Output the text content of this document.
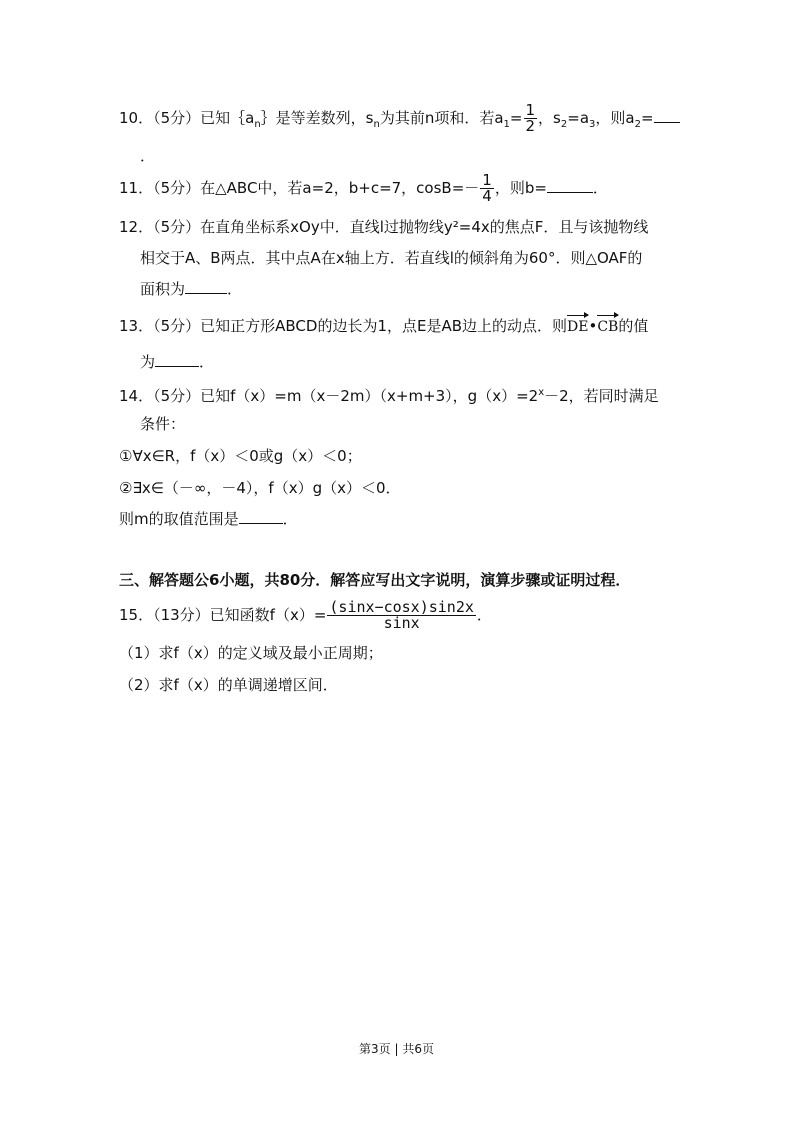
10．（5分）已知$\{a_n\}$是等差数列，$s_n$为其前n项和．若$a_1= \frac{1}{2}$ ，$s_2=a_3$，则$a_2=$
．
11．（5分）在△ABC中，若a=2，b+c=7，$\cos B=- \frac{1}{4}$ ，则b=	．
12．（5分）在直角坐标系xOy中．直线l过抛物线y²=4x的焦点F．且与该抛物线
相交于A、B两点．其中点A在x轴上方．若直线l的倾斜角为60°．则△OAF的
面积为	．
13．（5分）已知正方形ABCD的边长为1，点E是AB边上的动点．则DE•CB的值
为	．
14．（5分）已知f（x）=m（x－2m）（x+m+3），$g(x)=2^x-2$，若同时满足
条件：
①∀x∈R，f（x）＜0或g（x）＜0；
②∃x∈（－∞，－4），f（x）g（x）＜0．
则m的取值范围是	．
三、解答题公6小题，共80分．解答应写出文字说明，演算步骤或证明过程．
15．（13分）已知函数$f(x)= \frac{(\sin x-\cos x)\sin 2x}{\sin x}$ ．
（1）求f（x）的定义域及最小正周期；
（2）求f（x）的单调递增区间．
第3页 | 共6页
